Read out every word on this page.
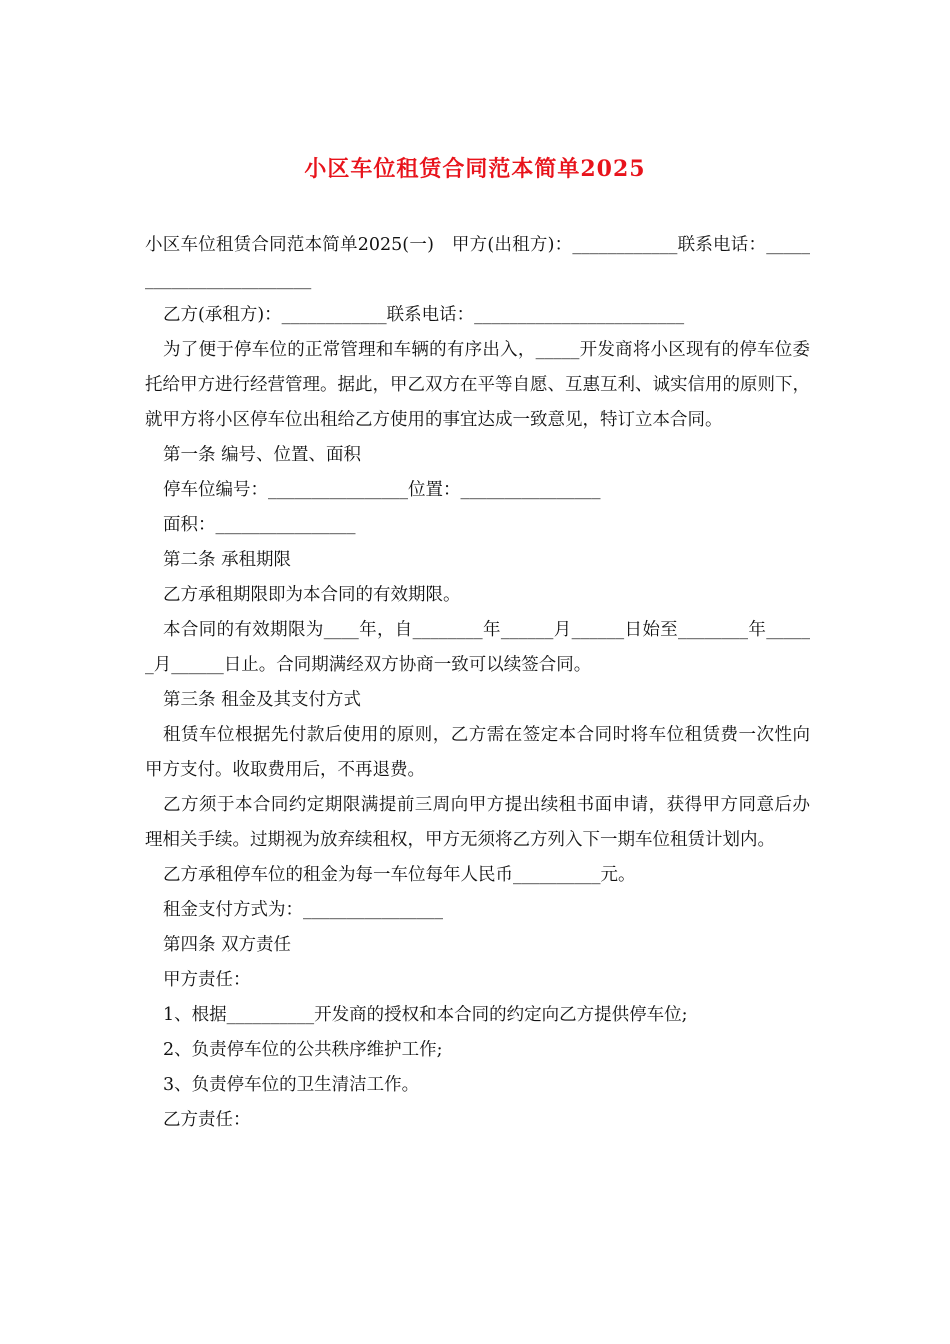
小区车位租赁合同范本简单2025

小区车位租赁合同范本简单2025(一)　甲方(出租方)：____________联系电话：________________________

乙方(承租方)：____________联系电话：________________________

为了便于停车位的正常管理和车辆的有序出入，_____开发商将小区现有的停车位委托给甲方进行经营管理。据此，甲乙双方在平等自愿、互惠互利、诚实信用的原则下，就甲方将小区停车位出租给乙方使用的事宜达成一致意见，特订立本合同。

第一条 编号、位置、面积

停车位编号：________________位置：________________

面积：________________

第二条 承租期限

乙方承租期限即为本合同的有效期限。

本合同的有效期限为____年，自________年______月______日始至________年______月______日止。合同期满经双方协商一致可以续签合同。

第三条 租金及其支付方式

租赁车位根据先付款后使用的原则，乙方需在签定本合同时将车位租赁费一次性向甲方支付。收取费用后，不再退费。

乙方须于本合同约定期限满提前三周向甲方提出续租书面申请，获得甲方同意后办理相关手续。过期视为放弃续租权，甲方无须将乙方列入下一期车位租赁计划内。

乙方承租停车位的租金为每一车位每年人民币__________元。

租金支付方式为：________________

第四条 双方责任

甲方责任：

1、根据__________开发商的授权和本合同的约定向乙方提供停车位;

2、负责停车位的公共秩序维护工作;

3、负责停车位的卫生清洁工作。

乙方责任：
